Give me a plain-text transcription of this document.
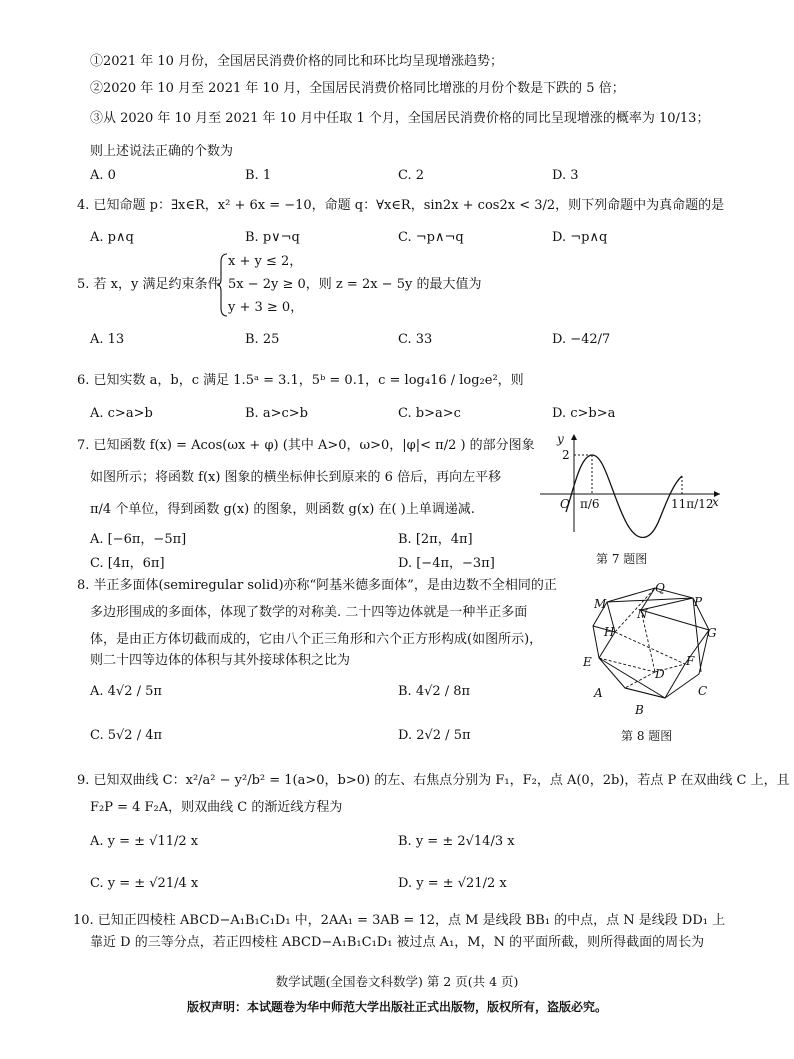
①2021 年 10 月份，全国居民消费价格的同比和环比均呈现增涨趋势；
②2020 年 10 月至 2021 年 10 月，全国居民消费价格同比增涨的月份个数是下跌的 5 倍；
③从 2020 年 10 月至 2021 年 10 月中任取 1 个月，全国居民消费价格的同比呈现增涨的概率为 10/13；
则上述说法正确的个数为
A. 0	B. 1	C. 2	D. 3
4. 已知命题 p：∃x∈R，x² + 6x = −10，命题 q：∀x∈R，sin2x + cos2x < 3/2，则下列命题中为真命题的是
A. p∧q	B. p∨¬q	C. ¬p∧¬q	D. ¬p∧q
5. 若 x，y 满足约束条件
x + y ≤ 2，
5x − 2y ≥ 0，则 z = 2x − 5y 的最大值为
y + 3 ≥ 0，
A. 13	B. 25	C. 33	D. −42/7
6. 已知实数 a，b，c 满足 1.5ᵃ = 3.1，5ᵇ = 0.1，c = log₄16 / log₂e²，则
A. c>a>b	B. a>c>b	C. b>a>c	D. c>b>a
7. 已知函数 f(x) = Acos(ωx + φ) (其中 A>0，ω>0，|φ|< π/2 ) 的部分图象
如图所示；将函数 f(x) 图象的横坐标伸长到原来的 6 倍后，再向左平移
π/4 个单位，得到函数 g(x) 的图象，则函数 g(x) 在( )上单调递减.
A. [−6π，−5π]	B. [2π，4π]
C. [4π，6π]	D. [−4π，−3π]
y
x
O
2
π/6	11π/12
第 7 题图
8. 半正多面体(semiregular solid)亦称“阿基米德多面体”，是由边数不全相同的正
多边形围成的多面体，体现了数学的对称美. 二十四等边体就是一种半正多面
体，是由正方体切截而成的，它由八个正三角形和六个正方形构成(如图所示)，
则二十四等边体的体积与其外接球体积之比为
A. 4√2 / 5π	B. 4√2 / 8π
C. 5√2 / 4π	D. 2√2 / 5π
M
Q
P
N
H	G
E	F
D
A	C
B
第 8 题图
9. 已知双曲线 C：x²/a² − y²/b² = 1(a>0，b>0) 的左、右焦点分别为 F₁，F₂，点 A(0，2b)，若点 P 在双曲线 C 上，且
F₂P = 4 F₂A，则双曲线 C 的渐近线方程为
A. y = ± √11/2 x	B. y = ± 2√14/3 x
C. y = ± √21/4 x	D. y = ± √21/2 x
10. 已知正四棱柱 ABCD−A₁B₁C₁D₁ 中，2AA₁ = 3AB = 12，点 M 是线段 BB₁ 的中点，点 N 是线段 DD₁ 上
靠近 D 的三等分点，若正四棱柱 ABCD−A₁B₁C₁D₁ 被过点 A₁，M，N 的平面所截，则所得截面的周长为
数学试题(全国卷文科数学) 第 2 页(共 4 页)
版权声明：本试题卷为华中师范大学出版社正式出版物，版权所有，盗版必究。
